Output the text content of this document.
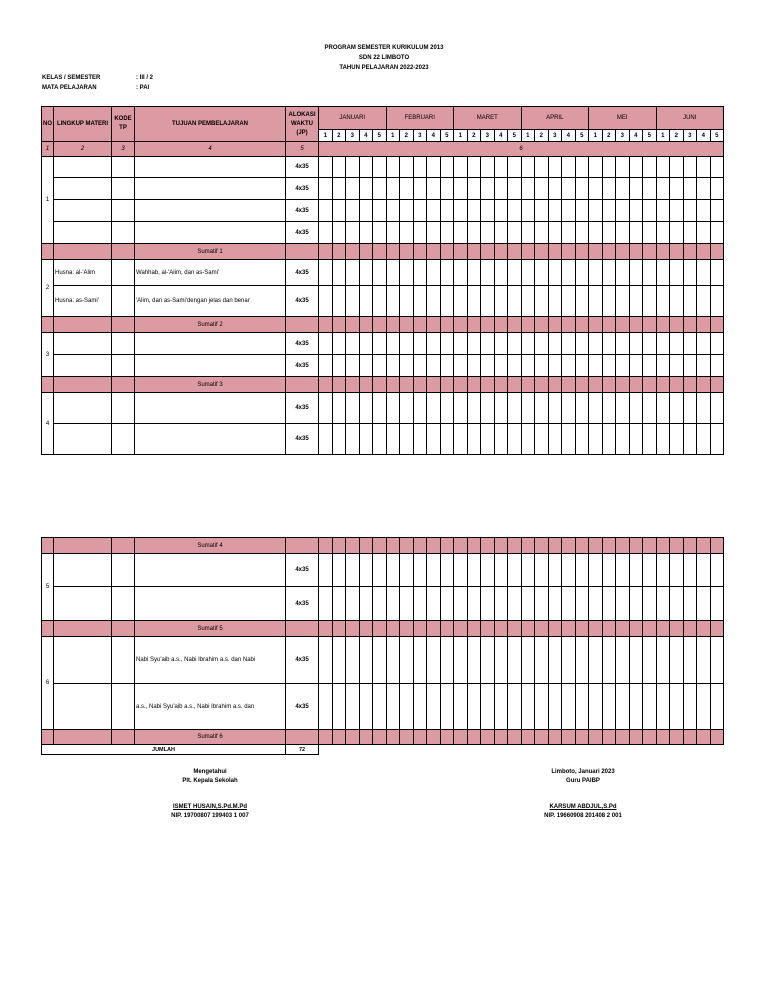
PROGRAM SEMESTER KURIKULUM 2013
SDN 22 LIMBOTO
TAHUN PELAJARAN 2022-2023
KELAS / SEMESTER	: III / 2
MATA PELAJARAN	: PAI
NO	LINGKUP MATERI	KODE TP	TUJUAN PEMBELAJARAN	ALOKASI WAKTU (JP)	JANUARI					FEBRUARI					MARET					APRIL					MEI					JUNI				
					1	2	3	4	5	1	2	3	4	5	1	2	3	4	5	1	2	3	4	5	1	2	3	4	5	1	2	3	4	5
1	2	3	4	5	6																													
1				4x35																														
				4x35																														
				4x35																														
				4x35																														
			Sumatif 1																															
2	Husna: al-'Alim		Wahhab, al-'Alim, dan as-Sami'	4x35																														
	Husna: as-Sami'		'Alim, dan as-Sami'dengan jelas dan benar	4x35																														
			Sumatif 2																															
3				4x35																														
				4x35																														
			Sumatif 3																															
4				4x35																														
				4x35																														
			Sumatif 4																															
5				4x35																														
				4x35																														
			Sumatif 5																															
6			Nabi Syu'aib a.s., Nabi Ibrahim a.s. dan Nabi	4x35																														
			a.s., Nabi Syu'aib a.s., Nabi Ibrahim a.s. dan	4x35																														
			Sumatif 6																															
JUMLAH				72																														
Mengetahui
Plt. Kepala Sekolah
ISMET HUSAIN,S.Pd.M.Pd
NIP. 19700807 199403 1 007
Limboto, Januari 2023
Guru PAIBP
KARSUM ABDJUL,S.Pd
NIP. 19660908 201408 2 001
